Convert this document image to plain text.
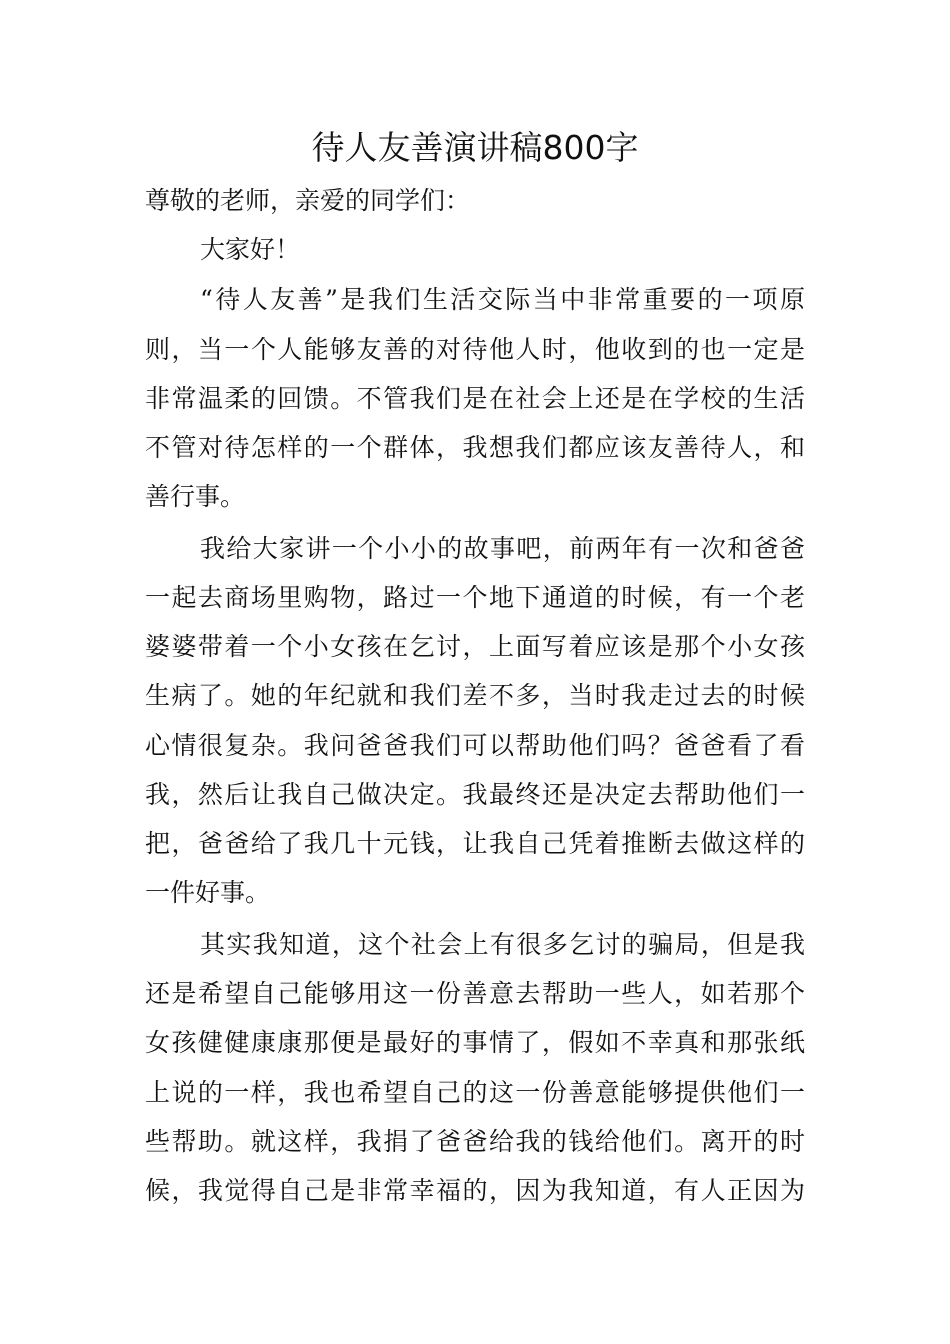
待人友善演讲稿800字
尊敬的老师，亲爱的同学们：
大家好！
“待人友善”是我们生活交际当中非常重要的一项原
则，当一个人能够友善的对待他人时，他收到的也一定是
非常温柔的回馈。不管我们是在社会上还是在学校的生活
不管对待怎样的一个群体，我想我们都应该友善待人，和
善行事。
我给大家讲一个小小的故事吧，前两年有一次和爸爸
一起去商场里购物，路过一个地下通道的时候，有一个老
婆婆带着一个小女孩在乞讨，上面写着应该是那个小女孩
生病了。她的年纪就和我们差不多，当时我走过去的时候
心情很复杂。我问爸爸我们可以帮助他们吗？爸爸看了看
我，然后让我自己做决定。我最终还是决定去帮助他们一
把，爸爸给了我几十元钱，让我自己凭着推断去做这样的
一件好事。
其实我知道，这个社会上有很多乞讨的骗局，但是我
还是希望自己能够用这一份善意去帮助一些人，如若那个
女孩健健康康那便是最好的事情了，假如不幸真和那张纸
上说的一样，我也希望自己的这一份善意能够提供他们一
些帮助。就这样，我捐了爸爸给我的钱给他们。离开的时
候，我觉得自己是非常幸福的，因为我知道，有人正因为
